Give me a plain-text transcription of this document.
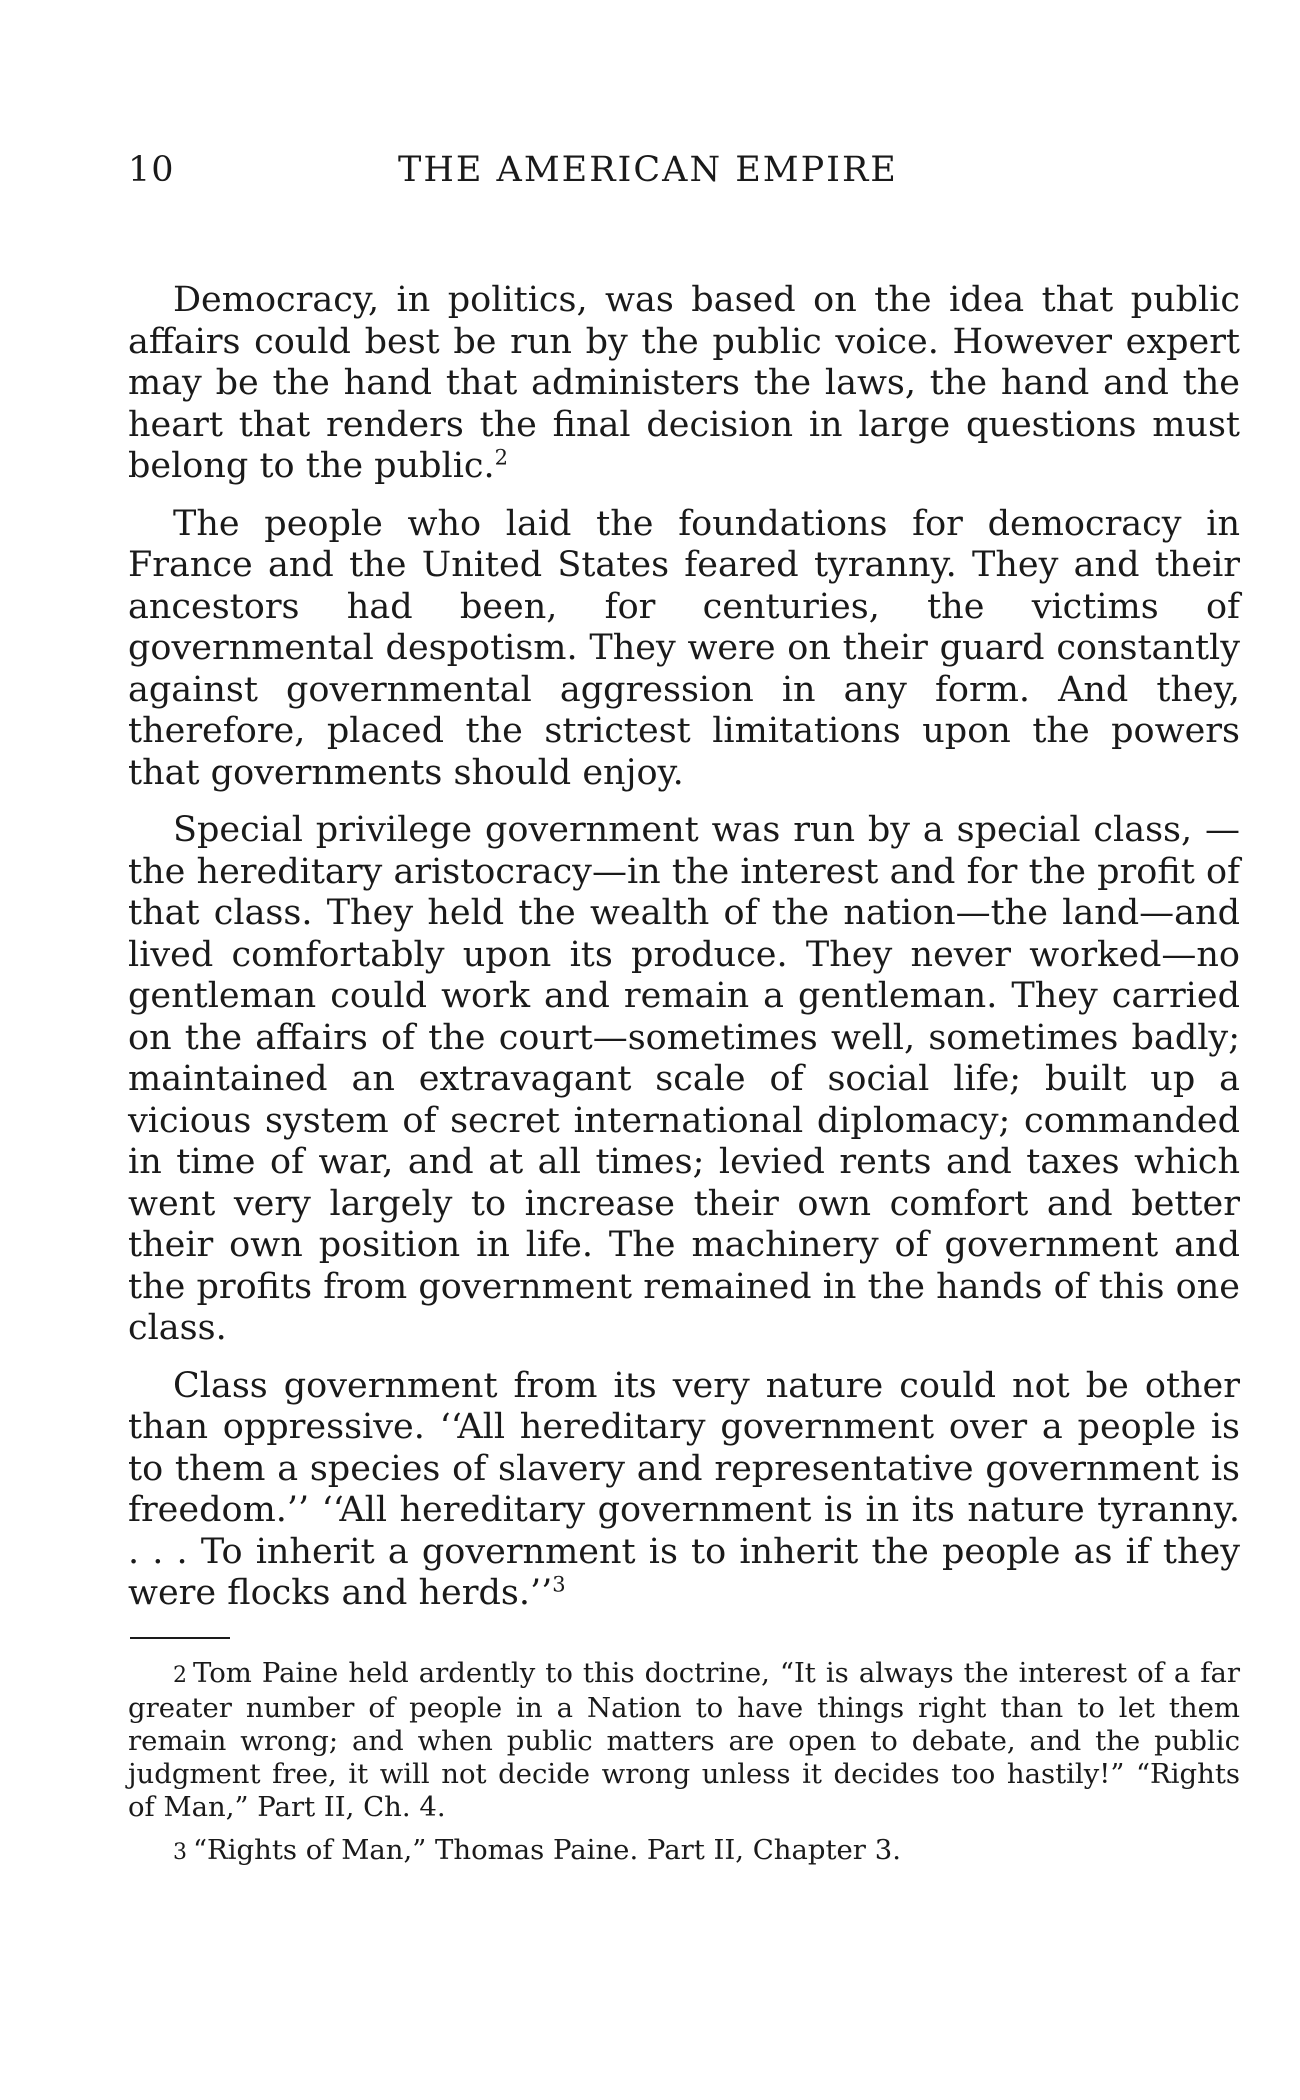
10	THE AMERICAN EMPIRE

Democracy, in politics, was based on the idea that public affairs could best be run by the public voice. However expert may be the hand that administers the laws, the hand and the heart that renders the final decision in large questions must belong to the public.$^2$

The people who laid the foundations for democracy in France and the United States feared tyranny. They and their ancestors had been, for centuries, the victims of governmental despotism. They were on their guard constantly against governmental aggression in any form. And they, therefore, placed the strictest limitations upon the powers that governments should enjoy.

Special privilege government was run by a special class, —the hereditary aristocracy—in the interest and for the profit of that class. They held the wealth of the nation—the land—and lived comfortably upon its produce. They never worked—no gentleman could work and remain a gentleman. They carried on the affairs of the court—sometimes well, sometimes badly; maintained an extravagant scale of social life; built up a vicious system of secret international diplomacy; commanded in time of war, and at all times; levied rents and taxes which went very largely to increase their own comfort and better their own position in life. The machinery of government and the profits from government remained in the hands of this one class.

Class government from its very nature could not be other than oppressive. ‘‘All hereditary government over a people is to them a species of slavery and representative government is freedom.’’ ‘‘All hereditary government is in its nature tyranny. . . . To inherit a government is to inherit the people as if they were flocks and herds.’’$^3$

2 Tom Paine held ardently to this doctrine, “It is always the interest of a far greater number of people in a Nation to have things right than to let them remain wrong; and when public matters are open to debate, and the public judgment free, it will not decide wrong unless it decides too hastily!” “Rights of Man,” Part II, Ch. 4.

3 “Rights of Man,” Thomas Paine. Part II, Chapter 3.
